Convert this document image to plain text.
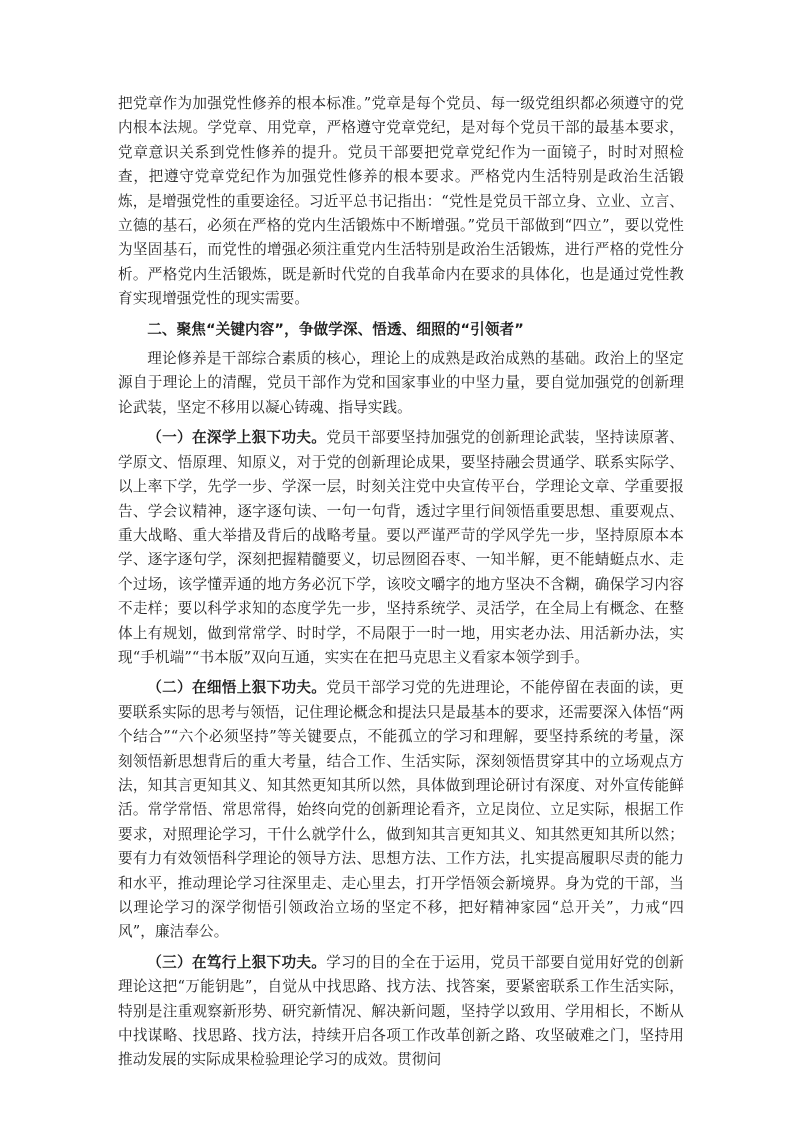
把党章作为加强党性修养的根本标准。”党章是每个党员、每一级党组织都必须遵守的党内根本法规。学党章、用党章，严格遵守党章党纪，是对每个党员干部的最基本要求，党章意识关系到党性修养的提升。党员干部要把党章党纪作为一面镜子，时时对照检查，把遵守党章党纪作为加强党性修养的根本要求。严格党内生活特别是政治生活锻炼，是增强党性的重要途径。习近平总书记指出：“党性是党员干部立身、立业、立言、立德的基石，必须在严格的党内生活锻炼中不断增强。”党员干部做到“四立”，要以党性为坚固基石，而党性的增强必须注重党内生活特别是政治生活锻炼，进行严格的党性分析。严格党内生活锻炼，既是新时代党的自我革命内在要求的具体化，也是通过党性教育实现增强党性的现实需要。

二、聚焦“关键内容”，争做学深、悟透、细照的“引领者”

理论修养是干部综合素质的核心，理论上的成熟是政治成熟的基础。政治上的坚定源自于理论上的清醒，党员干部作为党和国家事业的中坚力量，要自觉加强党的创新理论武装，坚定不移用以凝心铸魂、指导实践。

（一）在深学上狠下功夫。党员干部要坚持加强党的创新理论武装，坚持读原著、学原文、悟原理、知原义，对于党的创新理论成果，要坚持融会贯通学、联系实际学、以上率下学，先学一步、学深一层，时刻关注党中央宣传平台，学理论文章、学重要报告、学会议精神，逐字逐句读、一句一句背，透过字里行间领悟重要思想、重要观点、重大战略、重大举措及背后的战略考量。要以严谨严苛的学风学先一步，坚持原原本本学、逐字逐句学，深刻把握精髓要义，切忌囫囵吞枣、一知半解，更不能蜻蜓点水、走个过场，该学懂弄通的地方务必沉下学，该咬文嚼字的地方坚决不含糊，确保学习内容不走样；要以科学求知的态度学先一步，坚持系统学、灵活学，在全局上有概念、在整体上有规划，做到常常学、时时学，不局限于一时一地，用实老办法、用活新办法，实现“手机端”“书本版”双向互通，实实在在把马克思主义看家本领学到手。

（二）在细悟上狠下功夫。党员干部学习党的先进理论，不能停留在表面的读，更要联系实际的思考与领悟，记住理论概念和提法只是最基本的要求，还需要深入体悟“两个结合”“六个必须坚持”等关键要点，不能孤立的学习和理解，要坚持系统的考量，深刻领悟新思想背后的重大考量，结合工作、生活实际，深刻领悟贯穿其中的立场观点方法，知其言更知其义、知其然更知其所以然，具体做到理论研讨有深度、对外宣传能鲜活。常学常悟、常思常得，始终向党的创新理论看齐，立足岗位、立足实际，根据工作要求，对照理论学习，干什么就学什么，做到知其言更知其义、知其然更知其所以然；要有力有效领悟科学理论的领导方法、思想方法、工作方法，扎实提高履职尽责的能力和水平，推动理论学习往深里走、走心里去，打开学悟领会新境界。身为党的干部，当以理论学习的深学彻悟引领政治立场的坚定不移，把好精神家园“总开关”，力戒“四风”，廉洁奉公。

（三）在笃行上狠下功夫。学习的目的全在于运用，党员干部要自觉用好党的创新理论这把“万能钥匙”，自觉从中找思路、找方法、找答案，要紧密联系工作生活实际，特别是注重观察新形势、研究新情况、解决新问题，坚持学以致用、学用相长，不断从中找谋略、找思路、找方法，持续开启各项工作改革创新之路、攻坚破难之门，坚持用推动发展的实际成果检验理论学习的成效。贯彻问
